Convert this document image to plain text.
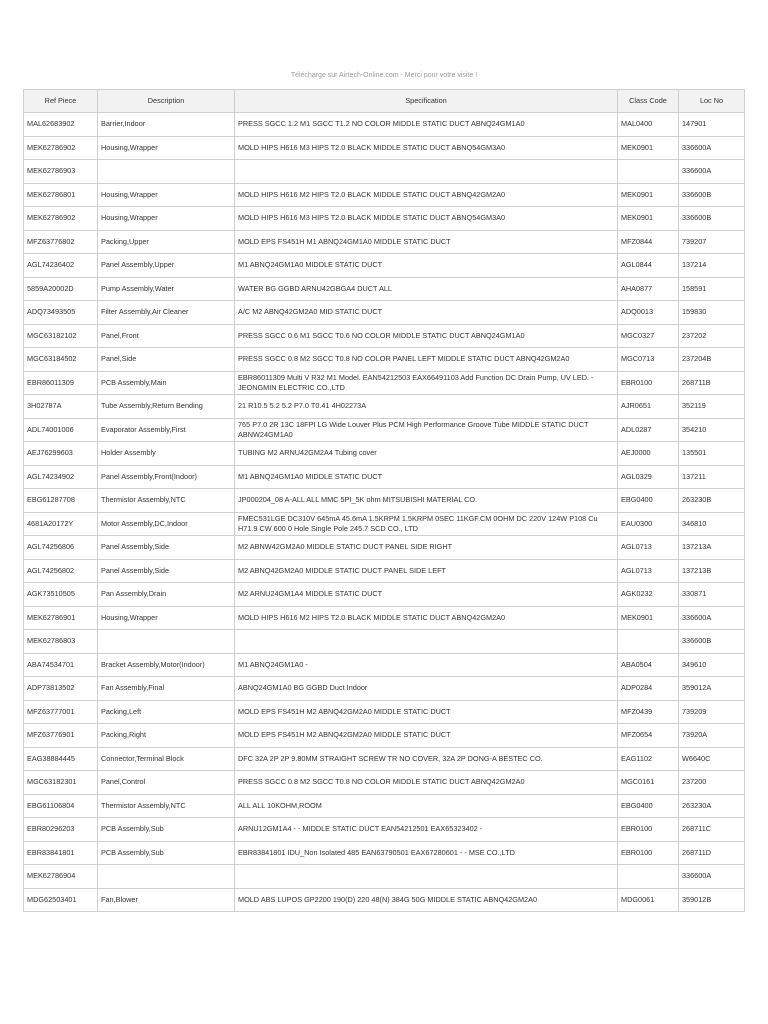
Télécharge sur Airtech-Online.com - Merci pour votre visite !
Ref Piece	Description	Specification	Class Code	Loc No
MAL62683902	Barrier,Indoor	PRESS SGCC 1.2 M1 SGCC T1.2 NO COLOR MIDDLE STATIC DUCT ABNQ24GM1A0	MAL0400	147901
MEK62786902	Housing,Wrapper	MOLD HIPS H616 M3 HIPS T2.0 BLACK MIDDLE STATIC DUCT ABNQ54GM3A0	MEK0901	336600A
MEK62786903				336600A
MEK62786801	Housing,Wrapper	MOLD HIPS H616 M2 HIPS T2.0 BLACK MIDDLE STATIC DUCT ABNQ42GM2A0	MEK0901	336600B
MEK62786902	Housing,Wrapper	MOLD HIPS H616 M3 HIPS T2.0 BLACK MIDDLE STATIC DUCT ABNQ54GM3A0	MEK0901	336600B
MFZ63776802	Packing,Upper	MOLD EPS FS451H M1 ABNQ24GM1A0 MIDDLE STATIC DUCT	MFZ0844	739207
AGL74236402	Panel Assembly,Upper	M1 ABNQ24GM1A0 MIDDLE STATIC DUCT	AGL0844	137214
5859A20002D	Pump Assembly,Water	WATER BG GGBD ARNU42GBGA4 DUCT ALL	AHA0877	158591
ADQ73493505	Filter Assembly,Air Cleaner	A/C M2 ABNQ42GM2A0 MID STATIC DUCT	ADQ0013	159830
MGC63182102	Panel,Front	PRESS SGCC 0.6 M1 SGCC T0.6 NO COLOR MIDDLE STATIC DUCT ABNQ24GM1A0	MGC0327	237202
MGC63184502	Panel,Side	PRESS SGCC 0.8 M2 SGCC T0.8 NO COLOR PANEL LEFT MIDDLE STATIC DUCT ABNQ42GM2A0	MGC0713	237204B
EBR86011309	PCB Assembly,Main	EBR86011309 Multi V R32 M1 Model. EAN54212503 EAX66491103 Add Function DC Drain Pump, UV LED. - JEONGMIN ELECTRIC CO.,LTD	EBR0100	268711B
3H02787A	Tube Assembly,Return Bending	21 R10.5 5.2 5.2 P7.0 T0.41 4H02273A	AJR0651	352119
ADL74001006	Evaporator Assembly,First	765 P7.0 2R 13C 18FPI LG Wide Louver Plus PCM High Performance Groove Tube MIDDLE STATIC DUCT ABNW24GM1A0	ADL0287	354210
AEJ76299603	Holder Assembly	TUBING M2 ARNU42GM2A4 Tubing cover	AEJ0000	135501
AGL74234902	Panel Assembly,Front(Indoor)	M1 ABNQ24GM1A0 MIDDLE STATIC DUCT	AGL0329	137211
EBG61287708	Thermistor Assembly,NTC	JP000204_08 A-ALL ALL MMC 5PI_5K ohm MITSUBISHI MATERIAL CO.	EBG0400	263230B
4681A20172Y	Motor Assembly,DC,Indoor	FMEC531LGE DC310V 645mA 45.6mA 1.5KRPM 1.5KRPM 0SEC 11KGF.CM 0OHM DC 220V 124W P108 Cu H71.9 CW 600 0 Hole Single Pole 245.7 SCD CO., LTD	EAU0300	346810
AGL74256806	Panel Assembly,Side	M2 ABNW42GM2A0 MIDDLE STATIC DUCT PANEL SIDE RIGHT	AGL0713	137213A
AGL74256802	Panel Assembly,Side	M2 ABNQ42GM2A0 MIDDLE STATIC DUCT PANEL SIDE LEFT	AGL0713	137213B
AGK73510505	Pan Assembly,Drain	M2 ARNU24GM1A4 MIDDLE STATIC DUCT	AGK0232	330871
MEK62786901	Housing,Wrapper	MOLD HIPS H616 M2 HIPS T2.0 BLACK MIDDLE STATIC DUCT ABNQ42GM2A0	MEK0901	336600A
MEK62786803				336600B
ABA74534701	Bracket Assembly,Motor(Indoor)	M1 ABNQ24GM1A0 -	ABA0504	349610
ADP73813502	Fan Assembly,Final	ABNQ24GM1A0 BG GGBD Duct Indoor	ADP0284	359012A
MFZ63777001	Packing,Left	MOLD EPS FS451H M2 ABNQ42GM2A0 MIDDLE STATIC DUCT	MFZ0439	739209
MFZ63776901	Packing,Right	MOLD EPS FS451H M2 ABNQ42GM2A0 MIDDLE STATIC DUCT	MFZ0654	73920A
EAG38884445	Connector,Terminal Block	DFC 32A 2P 2P 9.80MM STRAIGHT SCREW TR NO COVER, 32A 2P DONG-A BESTEC CO.	EAG1102	W6640C
MGC63182301	Panel,Control	PRESS SGCC 0.8 M2 SGCC T0.8 NO COLOR MIDDLE STATIC DUCT ABNQ42GM2A0	MGC0161	237200
EBG61106804	Thermistor Assembly,NTC	ALL ALL 10KOHM,ROOM	EBG0400	263230A
EBR80296203	PCB Assembly,Sub	ARNU12GM1A4 - - MIDDLE STATIC DUCT EAN54212501 EAX65323402 -	EBR0100	268711C
EBR83841801	PCB Assembly,Sub	EBR83841801 IDU_Non Isolated 485 EAN63790501 EAX67280601 - - MSE CO.,LTD	EBR0100	268711D
MEK62786904				336600A
MDG62503401	Fan,Blower	MOLD ABS LUPOS GP2200 190(D) 220 48(N) 384G 50G MIDDLE STATIC ABNQ42GM2A0	MDG0061	359012B
